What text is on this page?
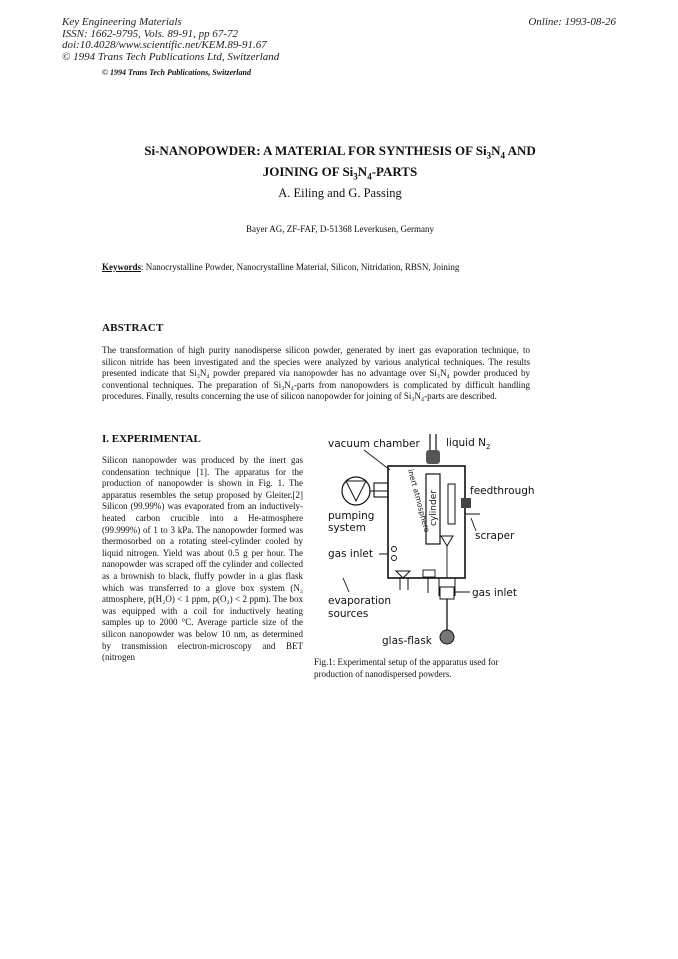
Key Engineering Materials
ISSN: 1662-9795, Vols. 89-91, pp 67-72
doi:10.4028/www.scientific.net/KEM.89-91.67
© 1994 Trans Tech Publications Ltd, Switzerland
Online: 1993-08-26
© 1994 Trans Tech Publications, Switzerland
Si-NANOPOWDER: A MATERIAL FOR SYNTHESIS OF $Si_3N_4$ AND
JOINING OF $Si_3N_4$-PARTS
A. Eiling and G. Passing
Bayer AG, ZF-FAF, D-51368 Leverkusen, Germany
Keywords: Nanocrystalline Powder, Nanocrystalline Material, Silicon, Nitridation, RBSN, Joining
ABSTRACT
The transformation of high purity nanodisperse silicon powder, generated by inert gas evaporation technique, to silicon nitride has been investigated and the species were analyzed by various analytical techniques. The results presented indicate that Si₃N₄ powder prepared via nanopowder has no advantage over Si₃N₄ powder produced by conventional techniques. The preparation of Si₃N₄-parts from nanopowders is complicated by difficult handling procedures. Finally, results concerning the use of silicon nanopowder for joining of Si₃N₄-parts are described.
I. EXPERIMENTAL
Silicon nanopowder was produced by the inert gas condensation technique [1]. The apparatus for the production of nanopowder is shown in Fig. 1. The apparatus resembles the setup proposed by Gleiter.[2] Silicon (99.99%) was evaporated from an inductively-heated carbon crucible into a He-atmosphere (99.999%) of 1 to 3 kPa. The nanopowder formed was thermosorbed on a rotating steel-cylinder cooled by liquid nitrogen. Yield was about 0.5 g per hour. The nanopowder was scraped off the cylinder and collected as a brownish to black, fluffy powder in a glas flask which was transferred to a glove box system (N₂ atmosphere, p(H₂O) < 1 ppm, p(O₂) < 2 ppm). The box was equipped with a coil for inductively heating samples up to 2000 °C. Average particle size of the silicon nanopowder was below 10 nm, as determined by transmission electron-microscopy and BET (nitrogen
vacuum chamber liquid $N_2$
inert atmosphere
cylinder	feedthrough
pumping
system
scraper
gas inlet
evaporation
sources
gas inlet
glas-flask
Fig.1: Experimental setup of the apparatus used for production of nanodispersed powders.
